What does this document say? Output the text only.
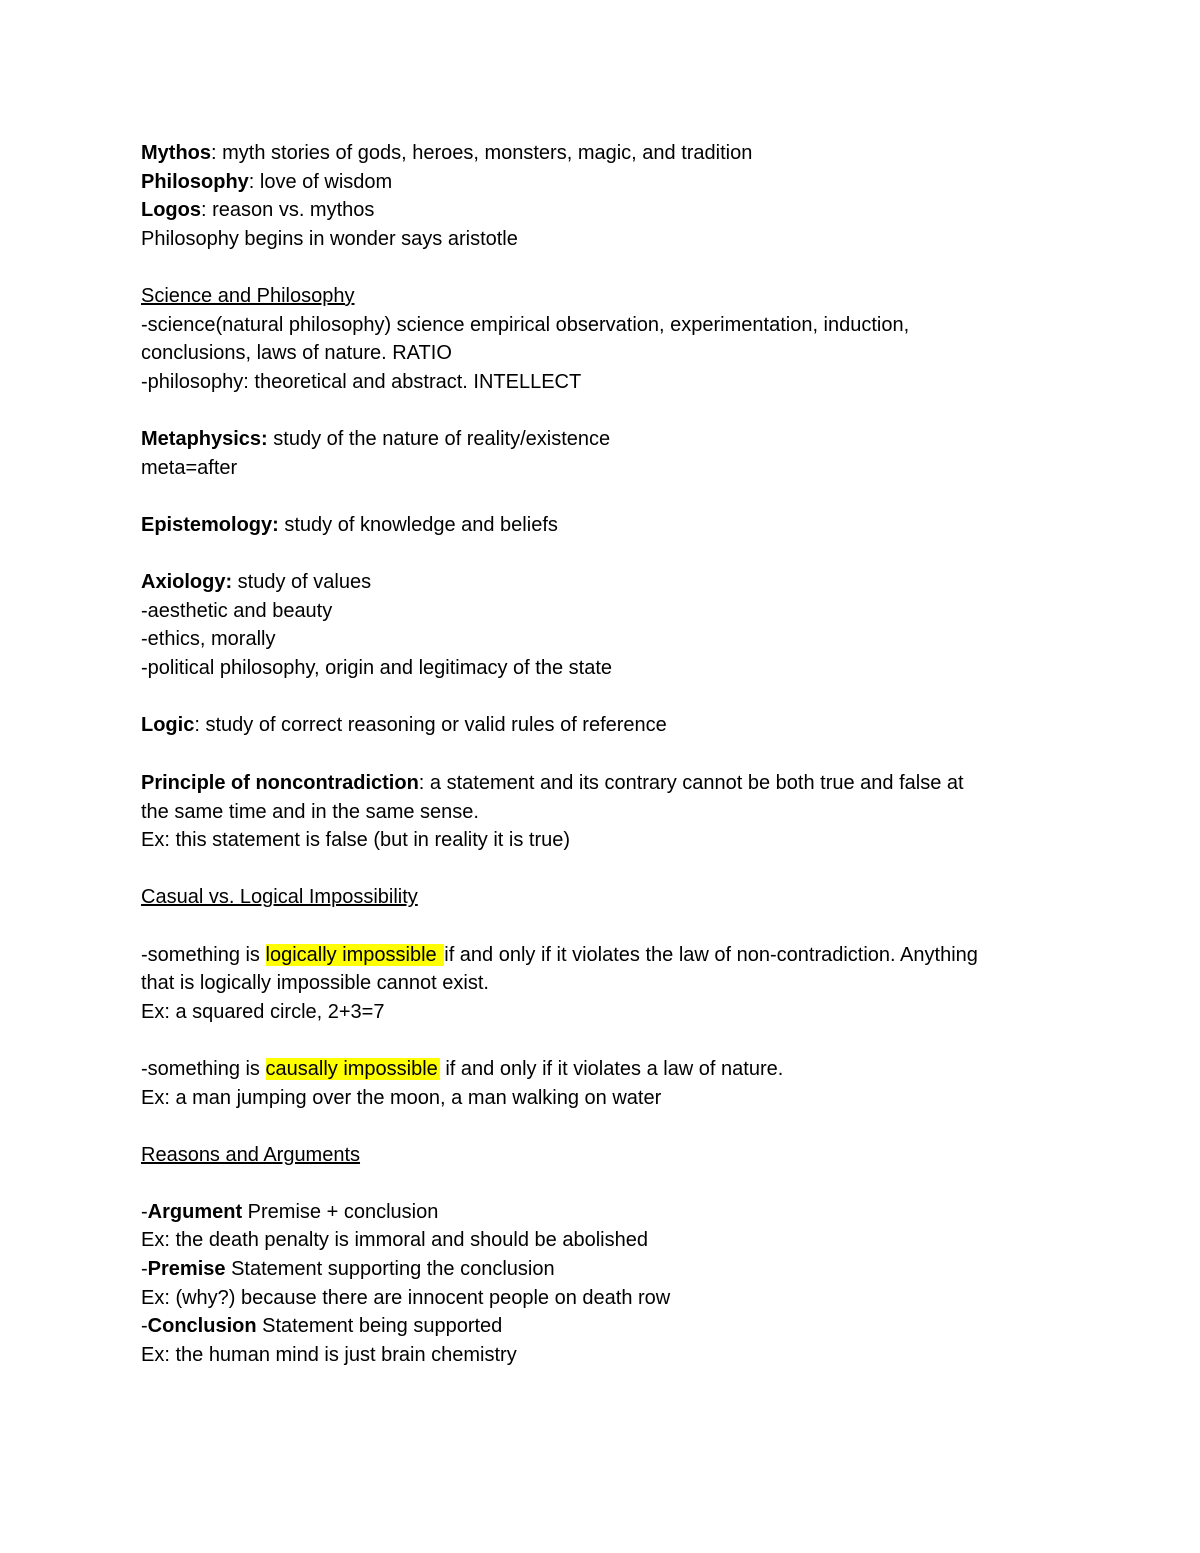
Mythos: myth stories of gods, heroes, monsters, magic, and tradition
Philosophy: love of wisdom
Logos: reason vs. mythos
Philosophy begins in wonder says aristotle
Science and Philosophy
-science(natural philosophy) science empirical observation, experimentation, induction,
conclusions, laws of nature. RATIO
-philosophy: theoretical and abstract. INTELLECT
Metaphysics: study of the nature of reality/existence
meta=after
Epistemology: study of knowledge and beliefs
Axiology: study of values
-aesthetic and beauty
-ethics, morally
-political philosophy, origin and legitimacy of the state
Logic: study of correct reasoning or valid rules of reference
Principle of noncontradiction: a statement and its contrary cannot be both true and false at
the same time and in the same sense.
Ex: this statement is false (but in reality it is true)
Casual vs. Logical Impossibility
-something is logically impossible if and only if it violates the law of non-contradiction. Anything
that is logically impossible cannot exist.
Ex: a squared circle, 2+3=7
-something is causally impossible if and only if it violates a law of nature.
Ex: a man jumping over the moon, a man walking on water
Reasons and Arguments
-Argument Premise + conclusion
Ex: the death penalty is immoral and should be abolished
-Premise Statement supporting the conclusion
Ex: (why?) because there are innocent people on death row
-Conclusion Statement being supported
Ex: the human mind is just brain chemistry
